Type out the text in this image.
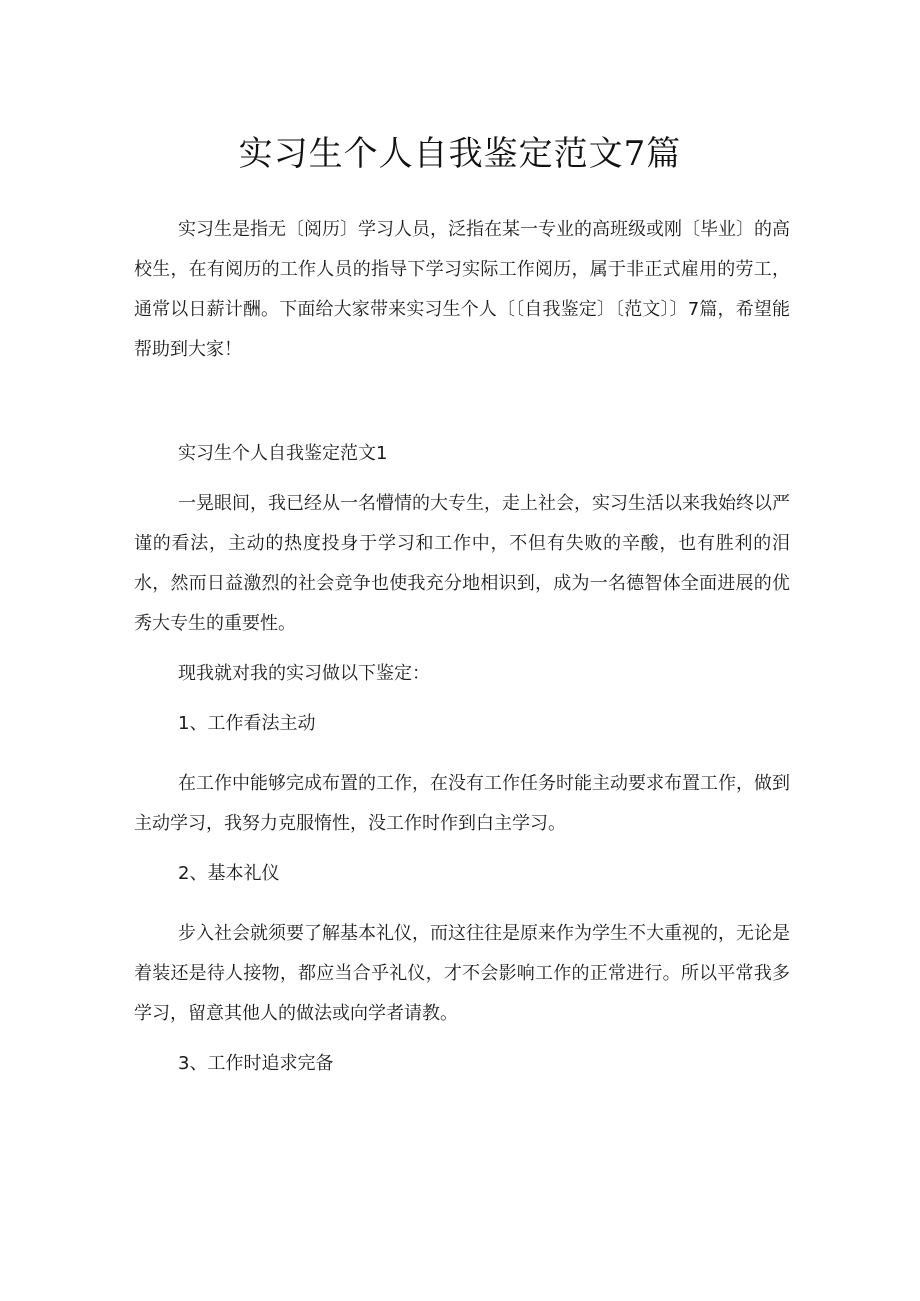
实习生个人自我鉴定范文7篇

实习生是指无〔阅历〕学习人员，泛指在某一专业的高班级或刚〔毕业〕的高校生，在有阅历的工作人员的指导下学习实际工作阅历，属于非正式雇用的劳工，通常以日薪计酬。下面给大家带来实习生个人〔〔自我鉴定〕〔范文〕〕7篇，希望能帮助到大家！

实习生个人自我鉴定范文1

一晃眼间，我已经从一名懵情的大专生，走上社会，实习生活以来我始终以严谨的看法，主动的热度投身于学习和工作中，不但有失败的辛酸，也有胜利的泪水，然而日益激烈的社会竞争也使我充分地相识到，成为一名德智体全面进展的优秀大专生的重要性。

现我就对我的实习做以下鉴定：

1、工作看法主动

在工作中能够完成布置的工作，在没有工作任务时能主动要求布置工作，做到主动学习，我努力克服惰性，没工作时作到白主学习。

2、基本礼仪

步入社会就须要了解基本礼仪，而这往往是原来作为学生不大重视的，无论是着装还是待人接物，都应当合乎礼仪，才不会影响工作的正常进行。所以平常我多学习，留意其他人的做法或向学者请教。

3、工作时追求完备
